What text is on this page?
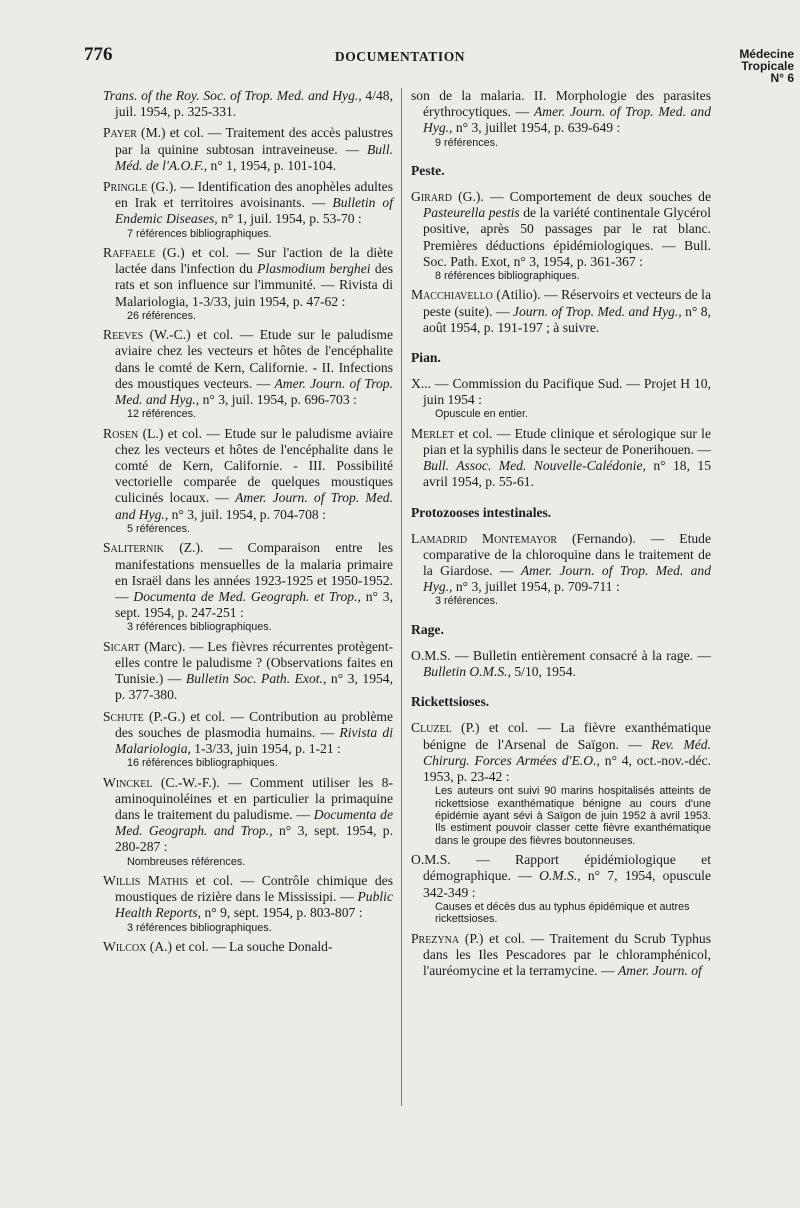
776	DOCUMENTATION	Médecine
Tropicale
N° 6
Trans. of the Roy. Soc. of Trop. Med. and Hyg., 4/48, juil. 1954, p. 325-331.
Payer (M.) et col. — Traitement des accès palustres par la quinine subtosan intraveineuse. — Bull. Méd. de l'A.O.F., n° 1, 1954, p. 101-104.
Pringle (G.). — Identification des anophèles adultes en Irak et territoires avoisinants. — Bulletin of Endemic Diseases, n° 1, juil. 1954, p. 53-70 :
7 références bibliographiques.
Raffaele (G.) et col. — Sur l'action de la diète lactée dans l'infection du Plasmodium berghei des rats et son influence sur l'immunité. — Rivista di Malariologia, 1-3/33, juin 1954, p. 47-62 :
26 références.
Reeves (W.-C.) et col. — Etude sur le paludisme aviaire chez les vecteurs et hôtes de l'encéphalite dans le comté de Kern, Californie. - II. Infections des moustiques vecteurs. — Amer. Journ. of Trop. Med. and Hyg., n° 3, juil. 1954, p. 696-703 :
12 références.
Rosen (L.) et col. — Etude sur le paludisme aviaire chez les vecteurs et hôtes de l'encéphalite dans le comté de Kern, Californie. - III. Possibilité vectorielle comparée de quelques moustiques culicinés locaux. — Amer. Journ. of Trop. Med. and Hyg., n° 3, juil. 1954, p. 704-708 :
5 références.
Saliternik (Z.). — Comparaison entre les manifestations mensuelles de la malaria primaire en Israël dans les années 1923-1925 et 1950-1952. — Documenta de Med. Geograph. et Trop., n° 3, sept. 1954, p. 247-251 :
3 références bibliographiques.
Sicart (Marc). — Les fièvres récurrentes protègent-elles contre le paludisme ? (Observations faites en Tunisie.) — Bulletin Soc. Path. Exot., n° 3, 1954, p. 377-380.
Schute (P.-G.) et col. — Contribution au problème des souches de plasmodia humains. — Rivista di Malariologia, 1-3/33, juin 1954, p. 1-21 :
16 références bibliographiques.
Winckel (C.-W.-F.). — Comment utiliser les 8-aminoquinoléines et en particulier la primaquine dans le traitement du paludisme. — Documenta de Med. Geograph. and Trop., n° 3, sept. 1954, p. 280-287 :
Nombreuses références.
Willis Mathis et col. — Contrôle chimique des moustiques de rizière dans le Mississipi. — Public Health Reports, n° 9, sept. 1954, p. 803-807 :
3 références bibliographiques.
Wilcox (A.) et col. — La souche Donald-
son de la malaria. II. Morphologie des parasites érythrocytiques. — Amer. Journ. of Trop. Med. and Hyg., n° 3, juillet 1954, p. 639-649 :
9 références.
Peste.
Girard (G.). — Comportement de deux souches de Pasteurella pestis de la variété continentale Glycérol positive, après 50 passages par le rat blanc. Premières déductions épidémiologiques. — Bull. Soc. Path. Exot, n° 3, 1954, p. 361-367 :
8 références bibliographiques.
Macchiavello (Atilio). — Réservoirs et vecteurs de la peste (suite). — Journ. of Trop. Med. and Hyg., n° 8, août 1954, p. 191-197 ; à suivre.
Pian.
X... — Commission du Pacifique Sud. — Projet H 10, juin 1954 :
Opuscule en entier.
Merlet et col. — Etude clinique et sérologique sur le pian et la syphilis dans le secteur de Ponerihouen. — Bull. Assoc. Med. Nouvelle-Calédonie, n° 18, 15 avril 1954, p. 55-61.
Protozooses intestinales.
Lamadrid Montemayor (Fernando). — Etude comparative de la chloroquine dans le traitement de la Giardose. — Amer. Journ. of Trop. Med. and Hyg., n° 3, juillet 1954, p. 709-711 :
3 références.
Rage.
O.M.S. — Bulletin entièrement consacré à la rage. — Bulletin O.M.S., 5/10, 1954.
Rickettsioses.
Cluzel (P.) et col. — La fièvre exanthématique bénigne de l'Arsenal de Saïgon. — Rev. Méd. Chirurg. Forces Armées d'E.O., n° 4, oct.-nov.-déc. 1953, p. 23-42 :
Les auteurs ont suivi 90 marins hospitalisés atteints de rickettsiose exanthématique bénigne au cours d'une épidémie ayant sévi à Saïgon de juin 1952 à avril 1953. Ils estiment pouvoir classer cette fièvre exanthématique dans le groupe des fièvres boutonneuses.
O.M.S. — Rapport épidémiologique et démographique. — O.M.S., n° 7, 1954, opuscule 342-349 :
Causes et décès dus au typhus épidémique et autres rickettsioses.
Prezyna (P.) et col. — Traitement du Scrub Typhus dans les Iles Pescadores par le chloramphénicol, l'auréomycine et la terramycine. — Amer. Journ. of
